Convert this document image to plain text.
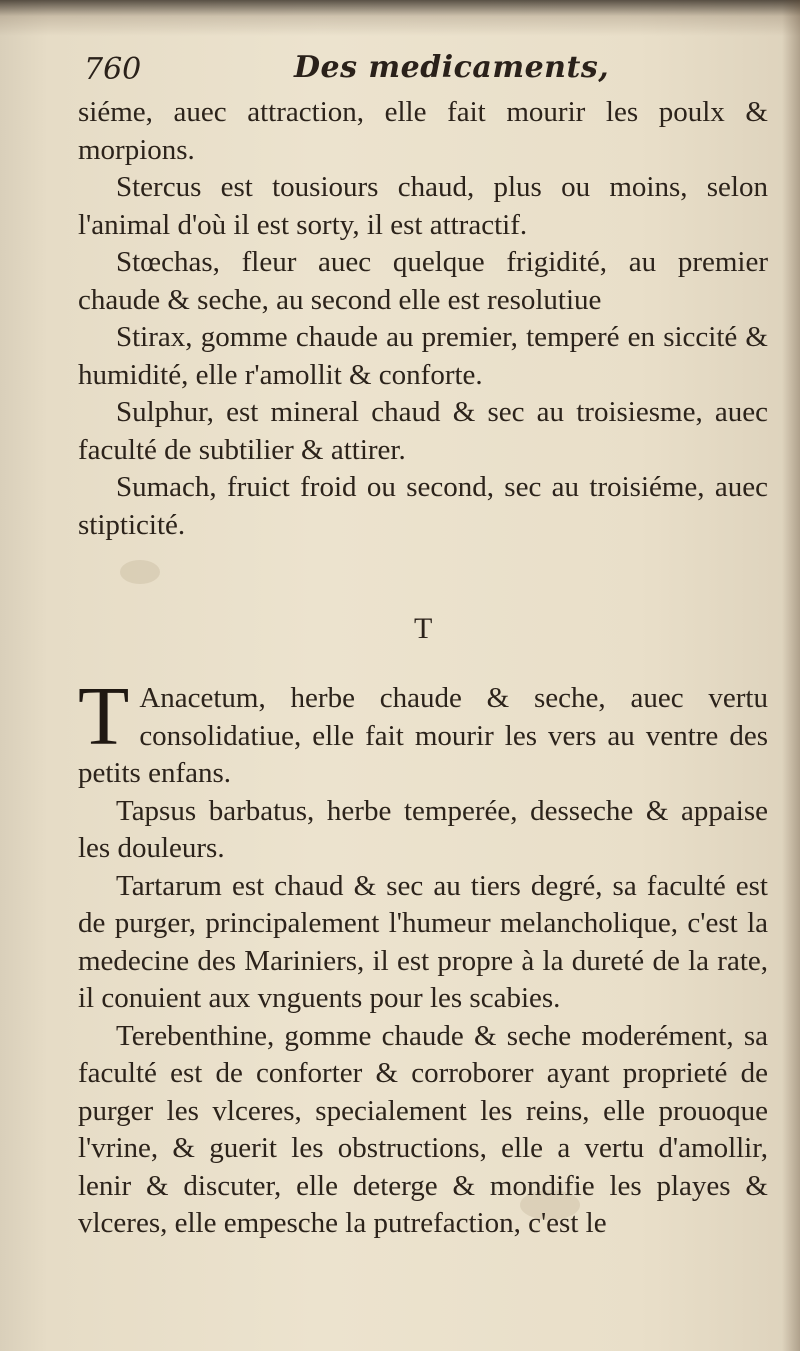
760	Des medicaments,

siéme, auec attraction, elle fait mourir les poulx & morpions.

Stercus est tousiours chaud, plus ou moins, selon l'animal d'où il est sorty, il est attractif.

Stœchas, fleur auec quelque frigidité, au premier chaude & seche, au second elle est resolutiue

Stirax, gomme chaude au premier, temperé en siccité & humidité, elle r'amollit & conforte.

Sulphur, est mineral chaud & sec au troisiesme, auec faculté de subtilier & attirer.

Sumach, fruict froid ou second, sec au troisiéme, auec stipticité.

T

T Anacetum, herbe chaude & seche, auec vertu consolidatiue, elle fait mourir les vers au ventre des petits enfans.

Tapsus barbatus, herbe temperée, desseche & appaise les douleurs.

Tartarum est chaud & sec au tiers degré, sa faculté est de purger, principalement l'humeur melancholique, c'est la medecine des Mariniers, il est propre à la dureté de la rate, il conuient aux vnguents pour les scabies.

Terebenthine, gomme chaude & seche moderément, sa faculté est de conforter & corroborer ayant proprieté de purger les vlceres, specialement les reins, elle prouoque l'vrine, & guerit les obstructions, elle a vertu d'amollir, lenir & discuter, elle deterge & mondifie les playes & vlceres, elle empesche la putrefaction, c'est le
